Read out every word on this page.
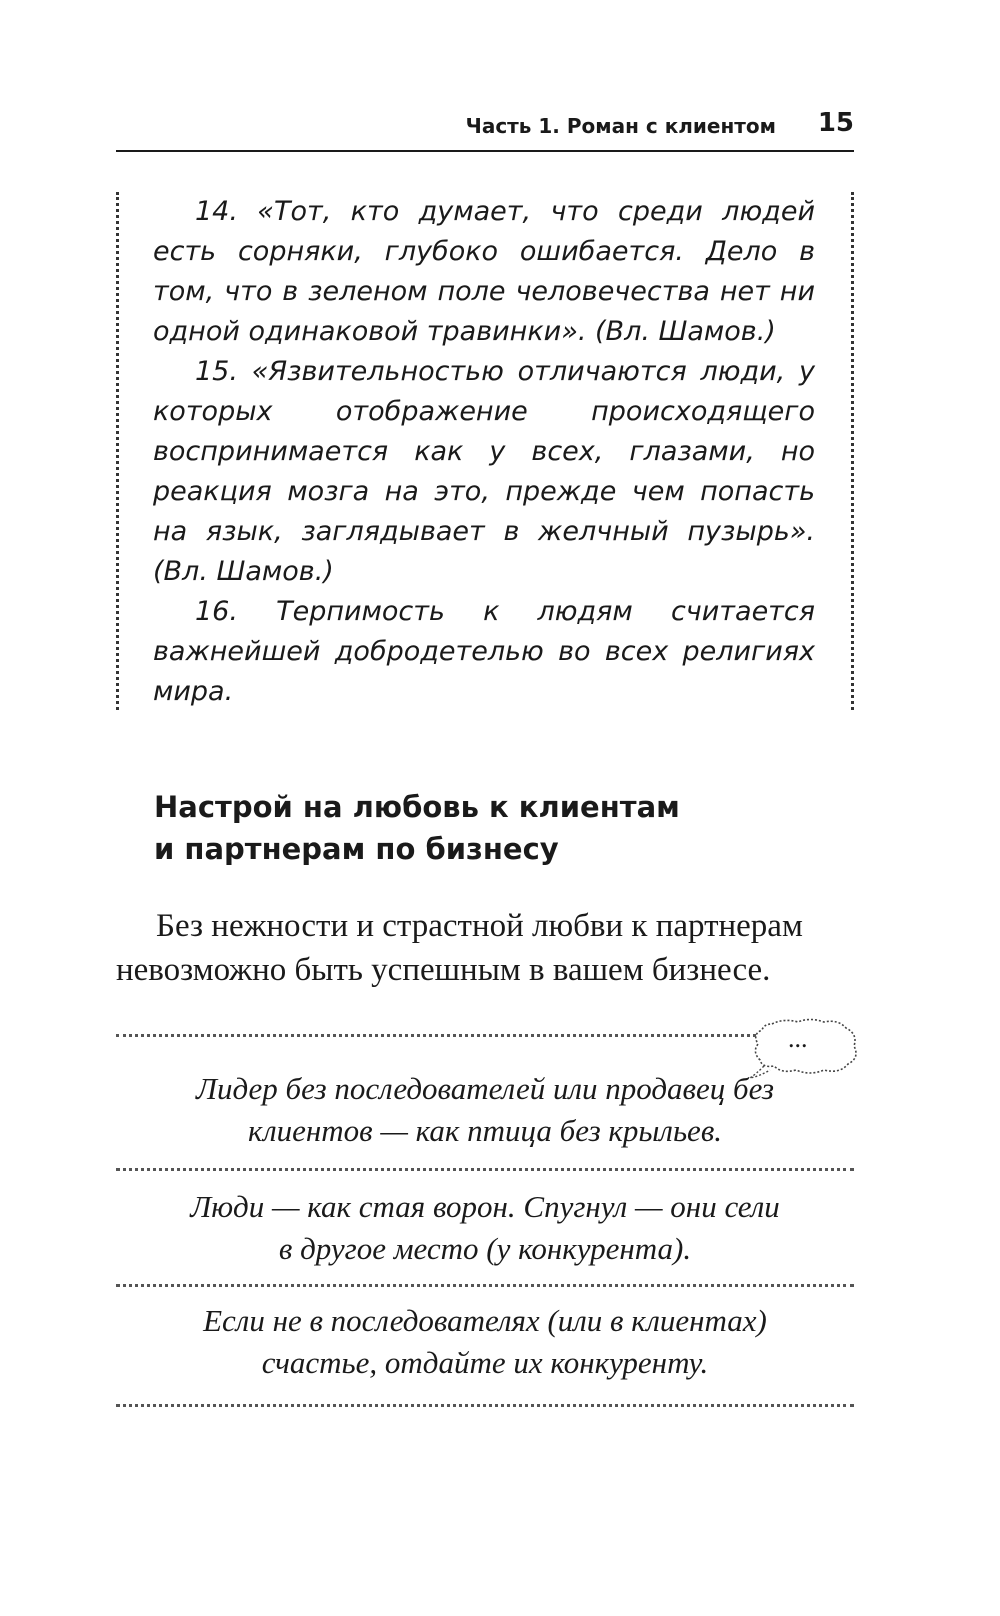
Часть 1. Роман с клиентом 15

14. «Тот, кто думает, что среди людей есть сорняки, глубоко ошибается. Дело в том, что в зеленом поле человечества нет ни одной одинаковой травинки». (Вл. Шамов.)

15. «Язвительностью отличаются люди, у которых отображение происходящего воспринимается как у всех, глазами, но реакция мозга на это, прежде чем попасть на язык, заглядывает в желчный пузырь». (Вл. Шамов.)

16. Терпимость к людям считается важнейшей добродетелью во всех религиях мира.

Настрой на любовь к клиентам
и партнерам по бизнесу

Без нежности и страстной любви к партнерам невозможно быть успешным в вашем бизнесе.

...

Лидер без последователей или продавец без
клиентов — как птица без крыльев.

Люди — как стая ворон. Спугнул — они сели
в другое место (у конкурента).

Если не в последователях (или в клиентах)
счастье, отдайте их конкуренту.
